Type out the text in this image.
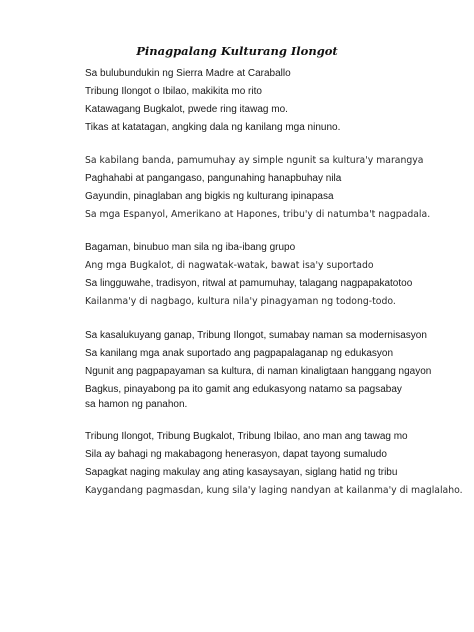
Pinagpalang Kulturang Ilongot

Sa bulubundukin ng Sierra Madre at Caraballo

Tribung Ilongot o Ibilao, makikita mo rito

Katawagang Bugkalot, pwede ring itawag mo.

Tikas at katatagan, angking dala ng kanilang mga ninuno.

Sa kabilang banda, pamumuhay ay simple ngunit sa kultura'y marangya

Paghahabi at pangangaso, pangunahing hanapbuhay nila

Gayundin, pinaglaban ang bigkis ng kulturang ipinapasa

Sa mga Espanyol, Amerikano at Hapones, tribu'y di natumba't nagpadala.

Bagaman, binubuo man sila ng iba-ibang grupo

Ang mga Bugkalot, di nagwatak-watak, bawat isa'y suportado

Sa lingguwahe, tradisyon, ritwal at pamumuhay, talagang nagpapakatotoo

Kailanma'y di nagbago, kultura nila'y pinagyaman ng todong-todo.

Sa kasalukuyang ganap, Tribung Ilongot, sumabay naman sa modernisasyon

Sa kanilang mga anak suportado ang pagpapalaganap ng edukasyon

Ngunit ang pagpapayaman sa kultura, di naman kinaligtaan hanggang ngayon

Bagkus, pinayabong pa ito gamit ang edukasyong natamo sa pagsabay sa hamon ng panahon.

Tribung Ilongot, Tribung Bugkalot, Tribung Ibilao, ano man ang tawag mo

Sila ay bahagi ng makabagong henerasyon, dapat tayong sumaludo

Sapagkat naging makulay ang ating kasaysayan, siglang hatid ng tribu

Kaygandang pagmasdan, kung sila'y laging nandyan at kailanma'y di maglalaho.
